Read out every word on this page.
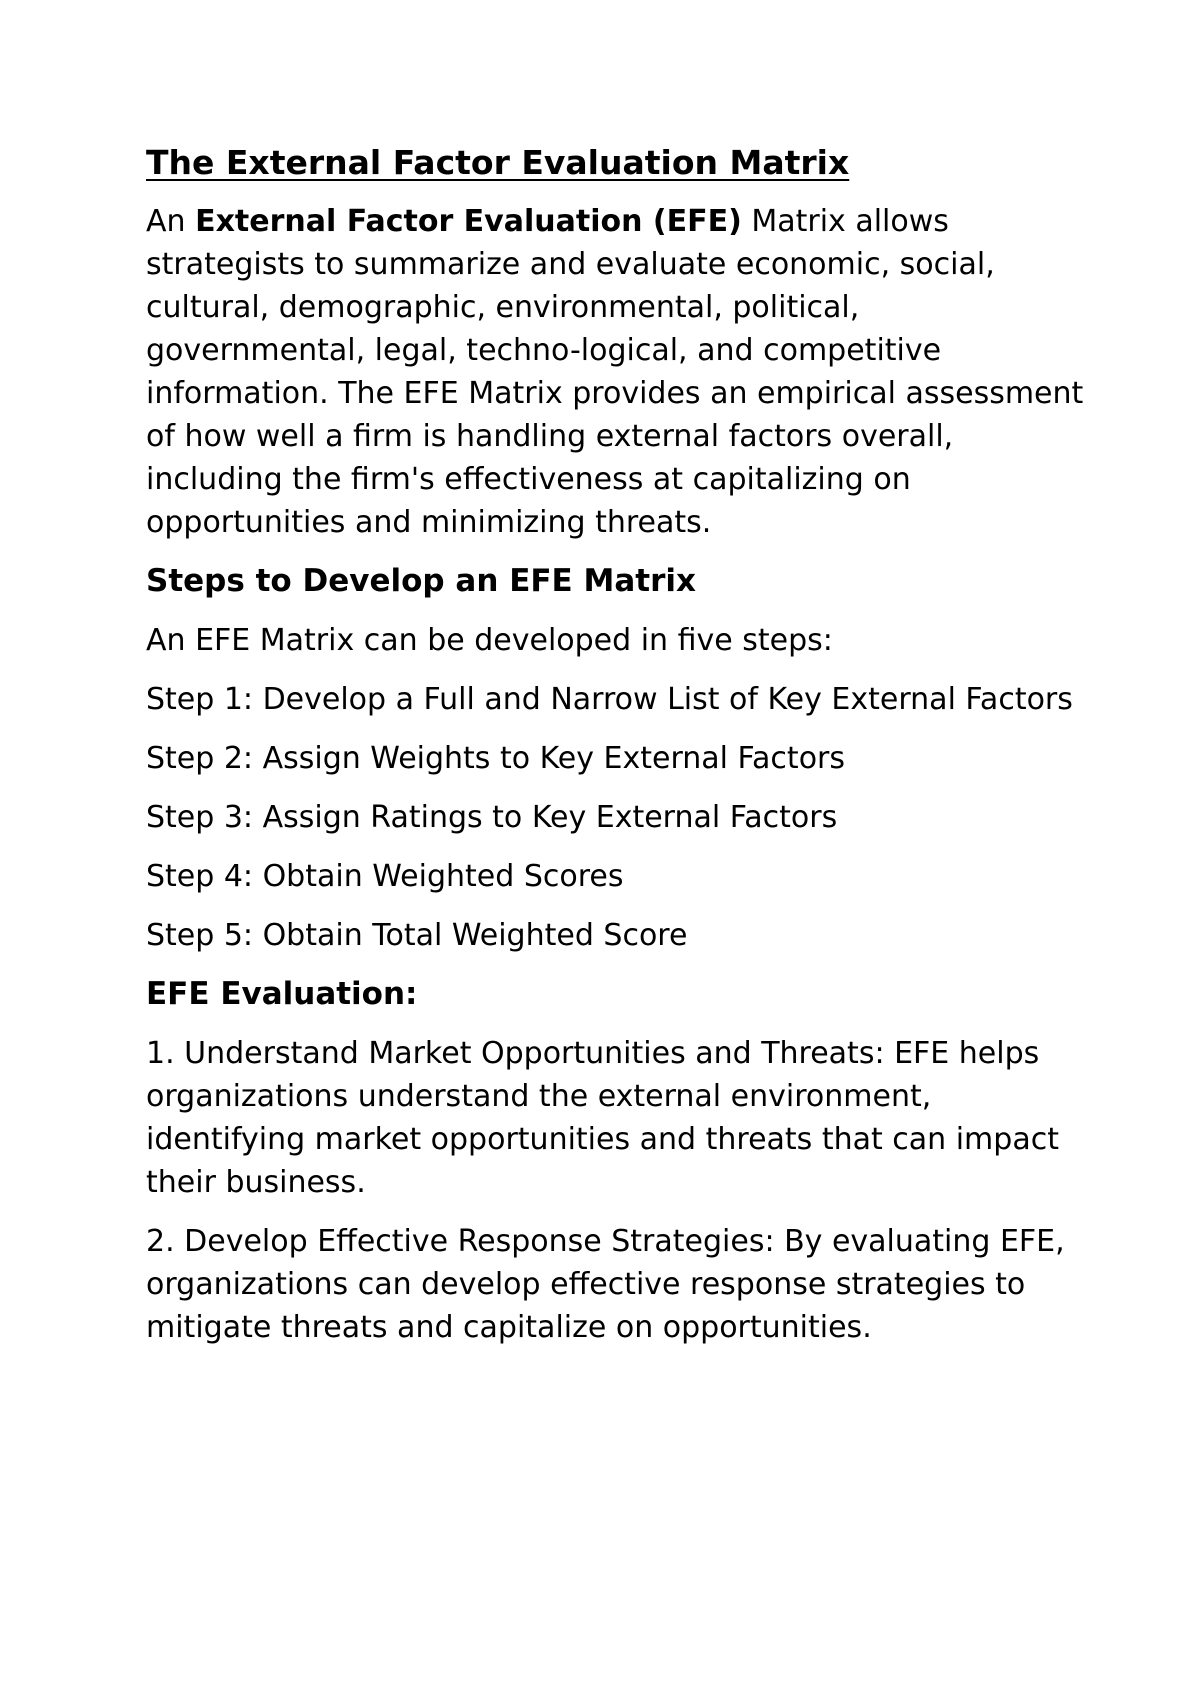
The External Factor Evaluation Matrix

An External Factor Evaluation (EFE) Matrix allows strategists to summarize and evaluate economic, social, cultural, demographic, environmental, political, governmental, legal, techno-logical, and competitive information. The EFE Matrix provides an empirical assessment of how well a firm is handling external factors overall, including the firm's effectiveness at capitalizing on opportunities and minimizing threats.

Steps to Develop an EFE Matrix

An EFE Matrix can be developed in five steps:

Step 1: Develop a Full and Narrow List of Key External Factors

Step 2: Assign Weights to Key External Factors

Step 3: Assign Ratings to Key External Factors

Step 4: Obtain Weighted Scores

Step 5: Obtain Total Weighted Score

EFE Evaluation:

1. Understand Market Opportunities and Threats: EFE helps organizations understand the external environment, identifying market opportunities and threats that can impact their business.

2. Develop Effective Response Strategies: By evaluating EFE, organizations can develop effective response strategies to mitigate threats and capitalize on opportunities.
